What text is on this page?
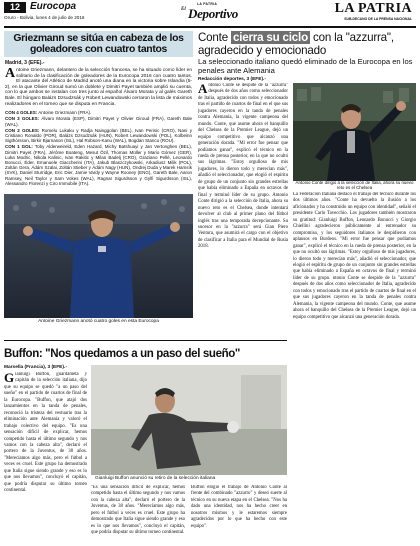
12	Eurocopa
Oruro - Bolivia, lunes 4 de julio de 2016
LA PATRIA
El Deportivo	LA PATRIA
SUB-DECANO DE LA PRENSA NACIONAL
Griezmann se sitúa en cabeza de los goleadores con cuatro tantos
Madrid, 3 (EFE).-
Antoine Griezmann, delantero de la selección francesa, se ha situado como líder en solitario de la clasificación de goleadores de la Eurocopa 2016 con cuatro tantos. El atacante del Atlético de Madrid anotó una diana en la victoria sobre Islandia (5-2), en la que Olivier Giroud sumó un doblete y Dimitri Payet también amplió su cuenta, con lo que ambos se instalan con tres junto al español Álvaro Morata y al galés Gareth Bale. El húngaro Balázs Dzsudzsák y Robert Lewandowski cerraron la lista de máximos realizadores en el torneo que se disputa en Francia.

CON 4 GOLES: Antoine Griezmann (FRA).

CON 3 GOLES: Álvaro Morata (ESP), Dimitri Payet y Olivier Giroud (FRA), Gareth Bale (WAL).

CON 2 GOLES: Romelu Lukaku y Radja Nainggolan (BEL), Ivan Perisic (CRO), Nani y Cristiano Ronaldo (POR), Balázs Dzsudzsák (HUN), Robert Lewandowski (POL), Kolbeinn Sigthórsson, Birkir Bjarnason (ISL), Hal Robson-Kanu (WAL), Bogdan Stancu (ROU).

CON 1 GOL: Toby Alderweireld, Eden Hazard, Michy Batshuayi y Jan Vertonghen (BEL), Dimitri Payet (FRA), Jérôme Boateng, Mesut Özil, Thomas Müller y Mario Gómez (GER), Luka Modric, Nikola Kalinic, Ivan Rakitic y Milan Badelj (CRO), Graziano Pellè, Leonardo Bonucci, Éder, Emanuele Giaccherini (ITA), Jakub Blaszczykowski, Arkadiusz Milik (POL), Zoltán Gera, Ádám Szalai, Zoltán Stieber y Ádám Nagy (HUN), Ondrej Duda y Marek Hamsík (SVK), Daniel Sturridge, Eric Dier, Jamie Vardy y Wayne Rooney (ENG), Gareth Bale, Aaron Ramsey, Neil Taylor y Sam Vokes (WAL), Ragnar Sigurdsson y Gylfi Sigurdsson (ISL), Alessandro Florenzi y Ciro Immobile (ITA).

Antoine Griezmann anotó cuatro goles en esta Eurocopa
Conte cierra su ciclo con la "azzurra", agradecido y emocionado
La seleccionado italiano quedó eliminado de la Eurocopa en los penales ante Alemania
Redacción deportes, 3 (EFE).-
Antonio Conte se despide de la "azzurra" después de dos años como seleccionador de Italia, agradecido con todos y emocionado tras el partido de cuartos de final en el que sus jugadores cayeron en la tanda de penales contra Alemania, la vigente campeona del mundo. Conte, que asume ahora el banquillo del Chelsea de la Premier League, dejó un equipo competitivo que alcanzó una generación dorada. "Mi error fue pensar que podíamos ganar", explicó el técnico en la rueda de prensa posterior, en la que no ocultó sus lágrimas. "Estoy orgulloso de mis jugadores, lo dieron todo y merecían más", añadió el seleccionador, que elogió el espíritu de grupo de un conjunto sin grandes estrellas que había eliminado a España en octavos de final y terminó líder de su grupo. Antonio Conte dirigió a la selección de Italia, ahora su nuevo reto es el Chelsea, donde intentará devolver al club al primer plano del fútbol inglés tras una temporada decepcionante. Su sucesor en la "azzurra" será Gian Piero Ventura, que asumirá el cargo con el objetivo de clasificar a Italia para el Mundial de Rusia 2018.
Antonio Conte dirigió a la selección de Italia, ahora su nuevo reto es el Chelsea
La Federación Italiana destacó el trabajo del técnico durante los dos últimos años. "Conte ha devuelto la ilusión a los aficionados y ha construido un equipo con identidad", señaló el presidente Carlo Tavecchio. Los jugadores también mostraron su gratitud: Gianluigi Buffon, Leonardo Bonucci y Giorgio Chiellini agradecieron públicamente al entrenador su compromiso, y los seguidores italianos le despidieron con aplausos en Burdeos. "Mi error fue pensar que podíamos ganar", explicó el técnico en la rueda de prensa posterior, en la que no ocultó sus lágrimas. "Estoy orgulloso de mis jugadores, lo dieron todo y merecían más", añadió el seleccionador, que elogió el espíritu de grupo de un conjunto sin grandes estrellas que había eliminado a España en octavos de final y terminó líder de su grupo. ntonio Conte se despide de la "azzurra" después de dos años como seleccionador de Italia, agradecido con todos y emocionado tras el partido de cuartos de final en el que sus jugadores cayeron en la tanda de penales contra Alemania, la vigente campeona del mundo. Conte, que asume ahora el banquillo del Chelsea de la Premier League, dejó un equipo competitivo que alcanzó una generación dorada.
Buffon: "Nos quedamos a un paso del sueño"
Marsella (Francia), 3 (EFE).-
Gianluigi Buffon, guardameta y capitán de la selección italiana, dijo que su equipo se quedó "a un paso del sueño" en el partido de cuartos de final de la Eurocopa. "Buffon, que atajó dos lanzamientos en la tanda de penales, reconoció la tristeza del vestuario tras la eliminación ante Alemania y valoró el trabajo colectivo del equipo. "Es una sensación difícil de explicar, hemos competido hasta el último segundo y nos vamos con la cabeza alta", declaró el portero de la Juventus, de 38 años. "Merecíamos algo más, pero el fútbol a veces es cruel. Este grupo ha demostrado que Italia sigue siendo grande y eso es lo que nos llevamos", concluyó el capitán, que podría disputar su último torneo continental.
Gianluigi Buffon anunció su retiro de la selección italiana
"Es una sensación difícil de explicar, hemos competido hasta el último segundo y nos vamos con la cabeza alta", declaró el portero de la Juventus, de 38 años. "Merecíamos algo más, pero el fútbol a veces es cruel. Este grupo ha demostrado que Italia sigue siendo grande y eso es lo que nos llevamos", concluyó el capitán, que podría disputar su último torneo continental.
Buffon elogió el trabajo de Antonio Conte al frente del combinado "azzurro" y deseó suerte al técnico en su nueva etapa en el Chelsea. "Nos ha dado una identidad, nos ha hecho creer en nosotros mismos y le estaremos siempre agradecidos por lo que ha hecho con este equipo".
